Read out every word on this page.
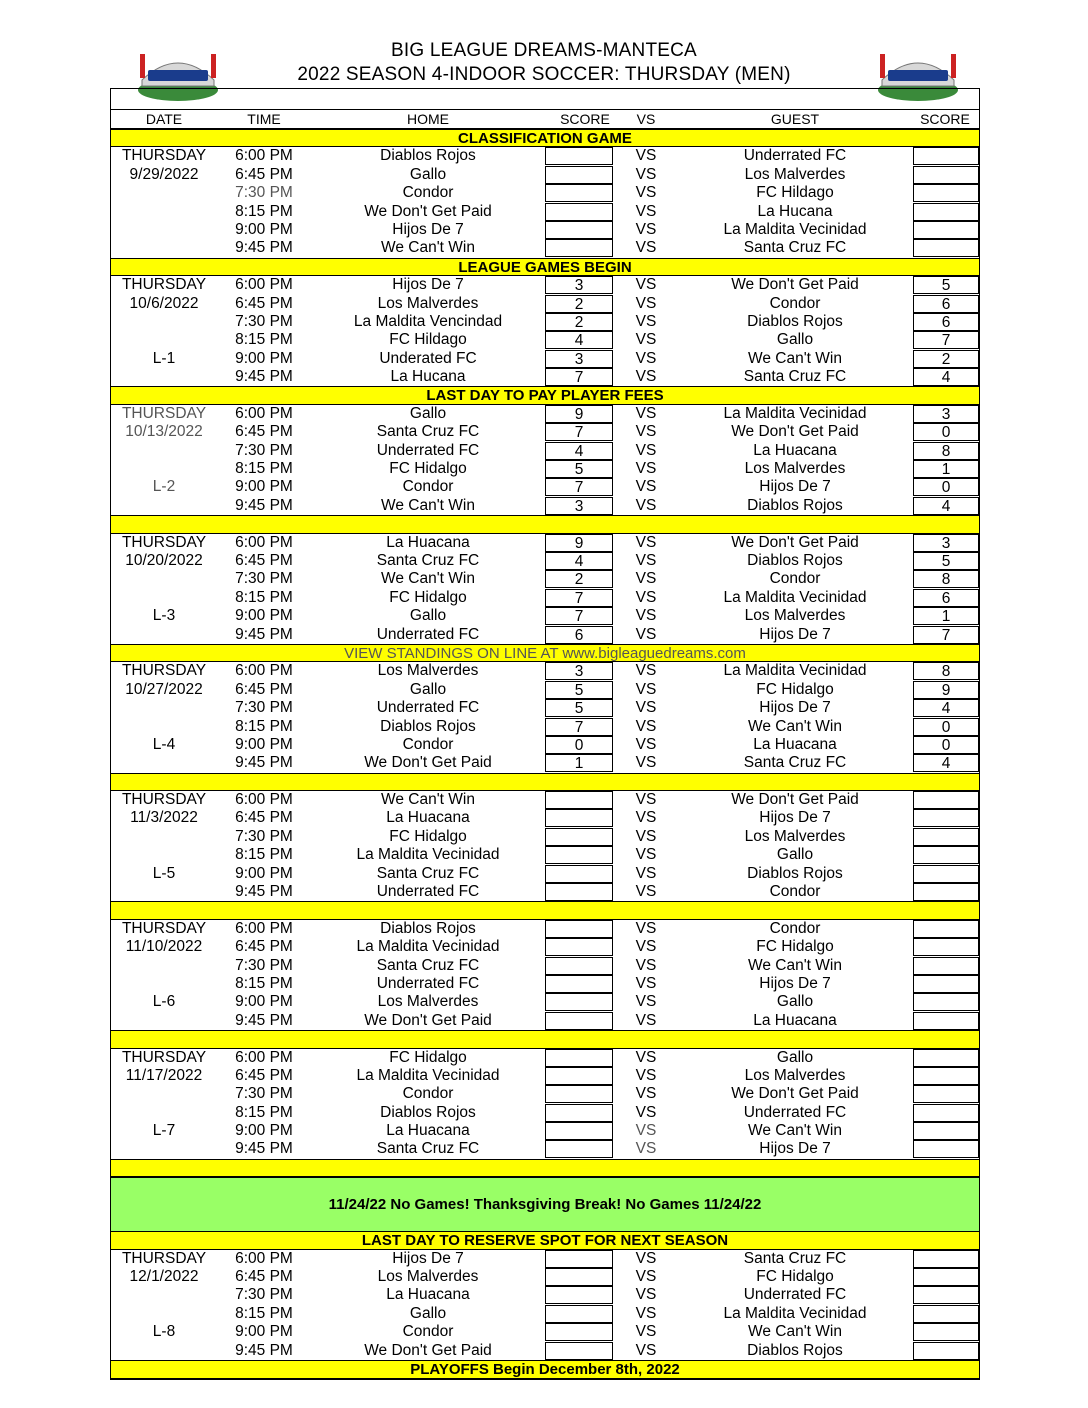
BIG LEAGUE DREAMS-MANTECA
2022 SEASON 4-INDOOR SOCCER: THURSDAY (MEN)
DATE	TIME	HOME	SCORE	VS	GUEST	SCORE
CLASSIFICATION GAME
THURSDAY	6:00 PM	Diablos Rojos	VS	Underrated FC
9/29/2022	6:45 PM	Gallo	VS	Los Malverdes
7:30 PM	Condor	VS	FC Hildago
8:15 PM	We Don't Get Paid	VS	La Hucana
9:00 PM	Hijos De 7	VS	La Maldita Vecinidad
9:45 PM	We Can't Win	VS	Santa Cruz FC
LEAGUE GAMES BEGIN
THURSDAY	6:00 PM	Hijos De 7	3	VS	We Don't Get Paid	5
10/6/2022	6:45 PM	Los Malverdes	2	VS	Condor	6
7:30 PM	La Maldita Vencindad	2	VS	Diablos Rojos	6
8:15 PM	FC Hildago	4	VS	Gallo	7
L-1	9:00 PM	Underated FC	3	VS	We Can't Win	2
9:45 PM	La Hucana	7	VS	Santa Cruz FC	4
LAST DAY TO PAY PLAYER FEES
THURSDAY	6:00 PM	Gallo	9	VS	La Maldita Vecinidad	3
10/13/2022	6:45 PM	Santa Cruz FC	7	VS	We Don't Get Paid	0
7:30 PM	Underrated FC	4	VS	La Huacana	8
8:15 PM	FC Hidalgo	5	VS	Los Malverdes	1
L-2	9:00 PM	Condor	7	VS	Hijos De 7	0
9:45 PM	We Can't Win	3	VS	Diablos Rojos	4
THURSDAY	6:00 PM	La Huacana	9	VS	We Don't Get Paid	3
10/20/2022	6:45 PM	Santa Cruz FC	4	VS	Diablos Rojos	5
7:30 PM	We Can't Win	2	VS	Condor	8
8:15 PM	FC Hidalgo	7	VS	La Maldita Vecinidad	6
L-3	9:00 PM	Gallo	7	VS	Los Malverdes	1
9:45 PM	Underrated FC	6	VS	Hijos De 7	7
VIEW STANDINGS ON LINE AT www.bigleaguedreams.com
THURSDAY	6:00 PM	Los Malverdes	3	VS	La Maldita Vecinidad	8
10/27/2022	6:45 PM	Gallo	5	VS	FC Hidalgo	9
7:30 PM	Underrated FC	5	VS	Hijos De 7	4
8:15 PM	Diablos Rojos	7	VS	We Can't Win	0
L-4	9:00 PM	Condor	0	VS	La Huacana	0
9:45 PM	We Don't Get Paid	1	VS	Santa Cruz FC	4
THURSDAY	6:00 PM	We Can't Win	VS	We Don't Get Paid
11/3/2022	6:45 PM	La Huacana	VS	Hijos De 7
7:30 PM	FC Hidalgo	VS	Los Malverdes
8:15 PM	La Maldita Vecinidad	VS	Gallo
L-5	9:00 PM	Santa Cruz FC	VS	Diablos Rojos
9:45 PM	Underrated FC	VS	Condor
THURSDAY	6:00 PM	Diablos Rojos	VS	Condor
11/10/2022	6:45 PM	La Maldita Vecinidad	VS	FC Hidalgo
7:30 PM	Santa Cruz FC	VS	We Can't Win
8:15 PM	Underrated FC	VS	Hijos De 7
L-6	9:00 PM	Los Malverdes	VS	Gallo
9:45 PM	We Don't Get Paid	VS	La Huacana
THURSDAY	6:00 PM	FC Hidalgo	VS	Gallo
11/17/2022	6:45 PM	La Maldita Vecinidad	VS	Los Malverdes
7:30 PM	Condor	VS	We Don't Get Paid
8:15 PM	Diablos Rojos	VS	Underrated FC
L-7	9:00 PM	La Huacana	VS	We Can't Win
9:45 PM	Santa Cruz FC	VS	Hijos De 7
11/24/22 No Games! Thanksgiving Break! No Games 11/24/22
LAST DAY TO RESERVE SPOT FOR NEXT SEASON
THURSDAY	6:00 PM	Hijos De 7	VS	Santa Cruz FC
12/1/2022	6:45 PM	Los Malverdes	VS	FC Hidalgo
7:30 PM	La Huacana	VS	Underrated FC
8:15 PM	Gallo	VS	La Maldita Vecinidad
L-8	9:00 PM	Condor	VS	We Can't Win
9:45 PM	We Don't Get Paid	VS	Diablos Rojos
PLAYOFFS Begin December 8th, 2022
